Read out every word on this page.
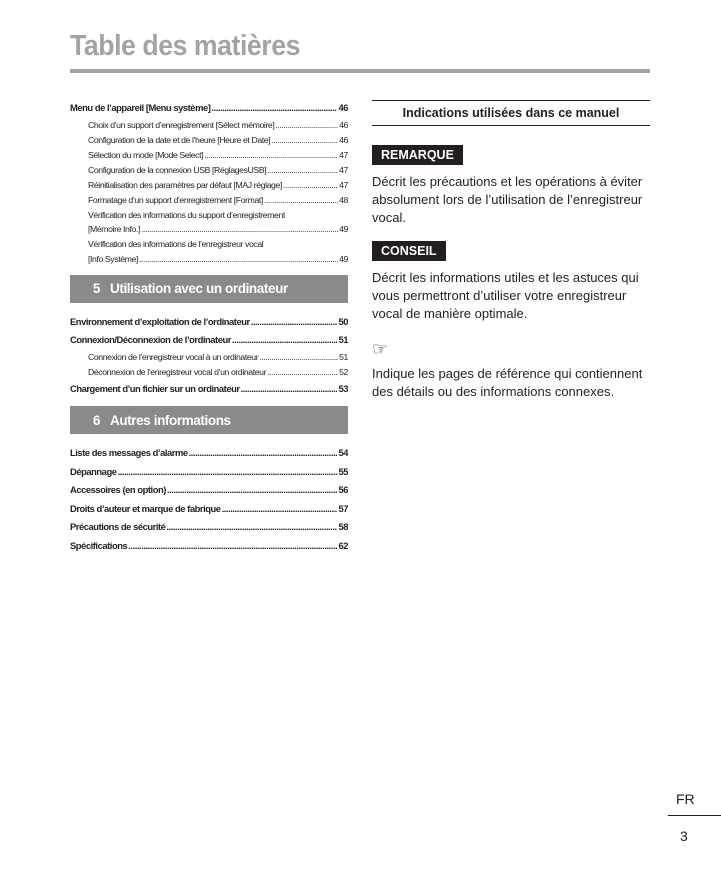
Table des matières
Menu de l’appareil [Menu système] .....	46
Choix d’un support d’enregistrement [Sélect mémoire] .....	46
Configuration de la date et de l’heure [Heure et Date] .....	46
Sélection du mode [Mode Select] .....	47
Configuration de la connexion USB [RéglagesUSB] .....	47
Réinitialisation des paramètres par défaut [MAJ réglage] .....	47
Formatage d’un support d’enregistrement [Format] .....	48
Vérification des informations du support d’enregistrement
[Mémoire Info.] .....	49
Vérification des informations de l’enregistreur vocal
[Info Système] .....	49
5 Utilisation avec un ordinateur
Environnement d’exploitation de l’ordinateur .....	50
Connexion/Déconnexion de l’ordinateur .....	51
Connexion de l’enregistreur vocal à un ordinateur .....	51
Déconnexion de l’enregistreur vocal d’un ordinateur .....	52
Chargement d’un fichier sur un ordinateur .....	53
6 Autres informations
Liste des messages d’alarme .....	54
Dépannage .....	55
Accessoires (en option) .....	56
Droits d’auteur et marque de fabrique .....	57
Précautions de sécurité .....	58
Spécifications .....	62
Indications utilisées dans ce manuel
REMARQUE
Décrit les précautions et les opérations à éviter absolument lors de l’utilisation de l’enregistreur vocal.
CONSEIL
Décrit les informations utiles et les astuces qui vous permettront d’utiliser votre enregistreur vocal de manière optimale.
☞
Indique les pages de référence qui contiennent des détails ou des informations connexes.
FR
3
